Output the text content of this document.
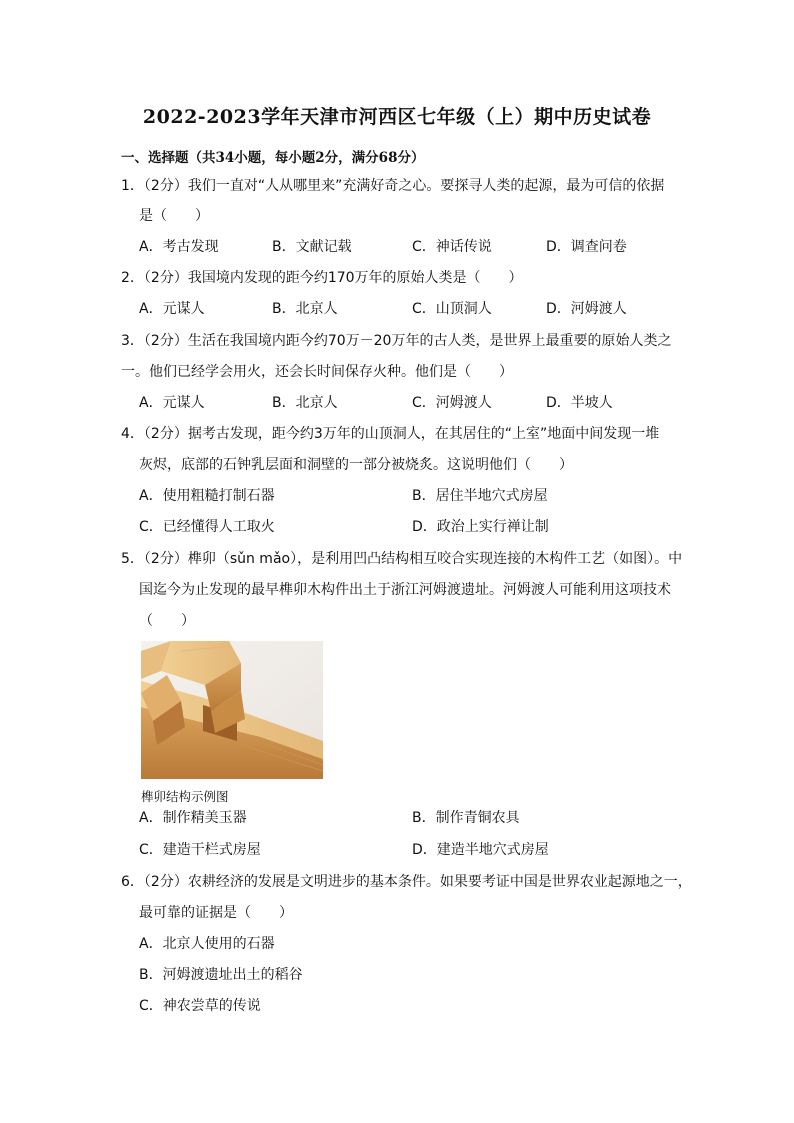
2022-2023学年天津市河西区七年级（上）期中历史试卷
一、选择题（共34小题，每小题2分，满分68分）
1．（2分）我们一直对“人从哪里来”充满好奇之心。要探寻人类的起源，最为可信的依据
是（　　）
A．考古发现	B．文献记载	C．神话传说	D．调查问卷
2．（2分）我国境内发现的距今约170万年的原始人类是（　　）
A．元谋人	B．北京人	C．山顶洞人	D．河姆渡人
3．（2分）生活在我国境内距今约70万－20万年的古人类，是世界上最重要的原始人类之
一。他们已经学会用火，还会长时间保存火种。他们是（　　）
A．元谋人	B．北京人	C．河姆渡人	D．半坡人
4．（2分）据考古发现，距今约3万年的山顶洞人，在其居住的“上室”地面中间发现一堆
灰烬，底部的石钟乳层面和洞壁的一部分被烧炙。这说明他们（　　）
A．使用粗糙打制石器	B．居住半地穴式房屋
C．已经懂得人工取火	D．政治上实行禅让制
5．（2分）榫卯（sǔn mǎo），是利用凹凸结构相互咬合实现连接的木构件工艺（如图）。中
国迄今为止发现的最早榫卯木构件出土于浙江河姆渡遗址。河姆渡人可能利用这项技术
（　　）
榫卯结构示例图
A．制作精美玉器	B．制作青铜农具
C．建造干栏式房屋	D．建造半地穴式房屋
6．（2分）农耕经济的发展是文明进步的基本条件。如果要考证中国是世界农业起源地之一，
最可靠的证据是（　　）
A．北京人使用的石器
B．河姆渡遗址出土的稻谷
C．神农尝草的传说
